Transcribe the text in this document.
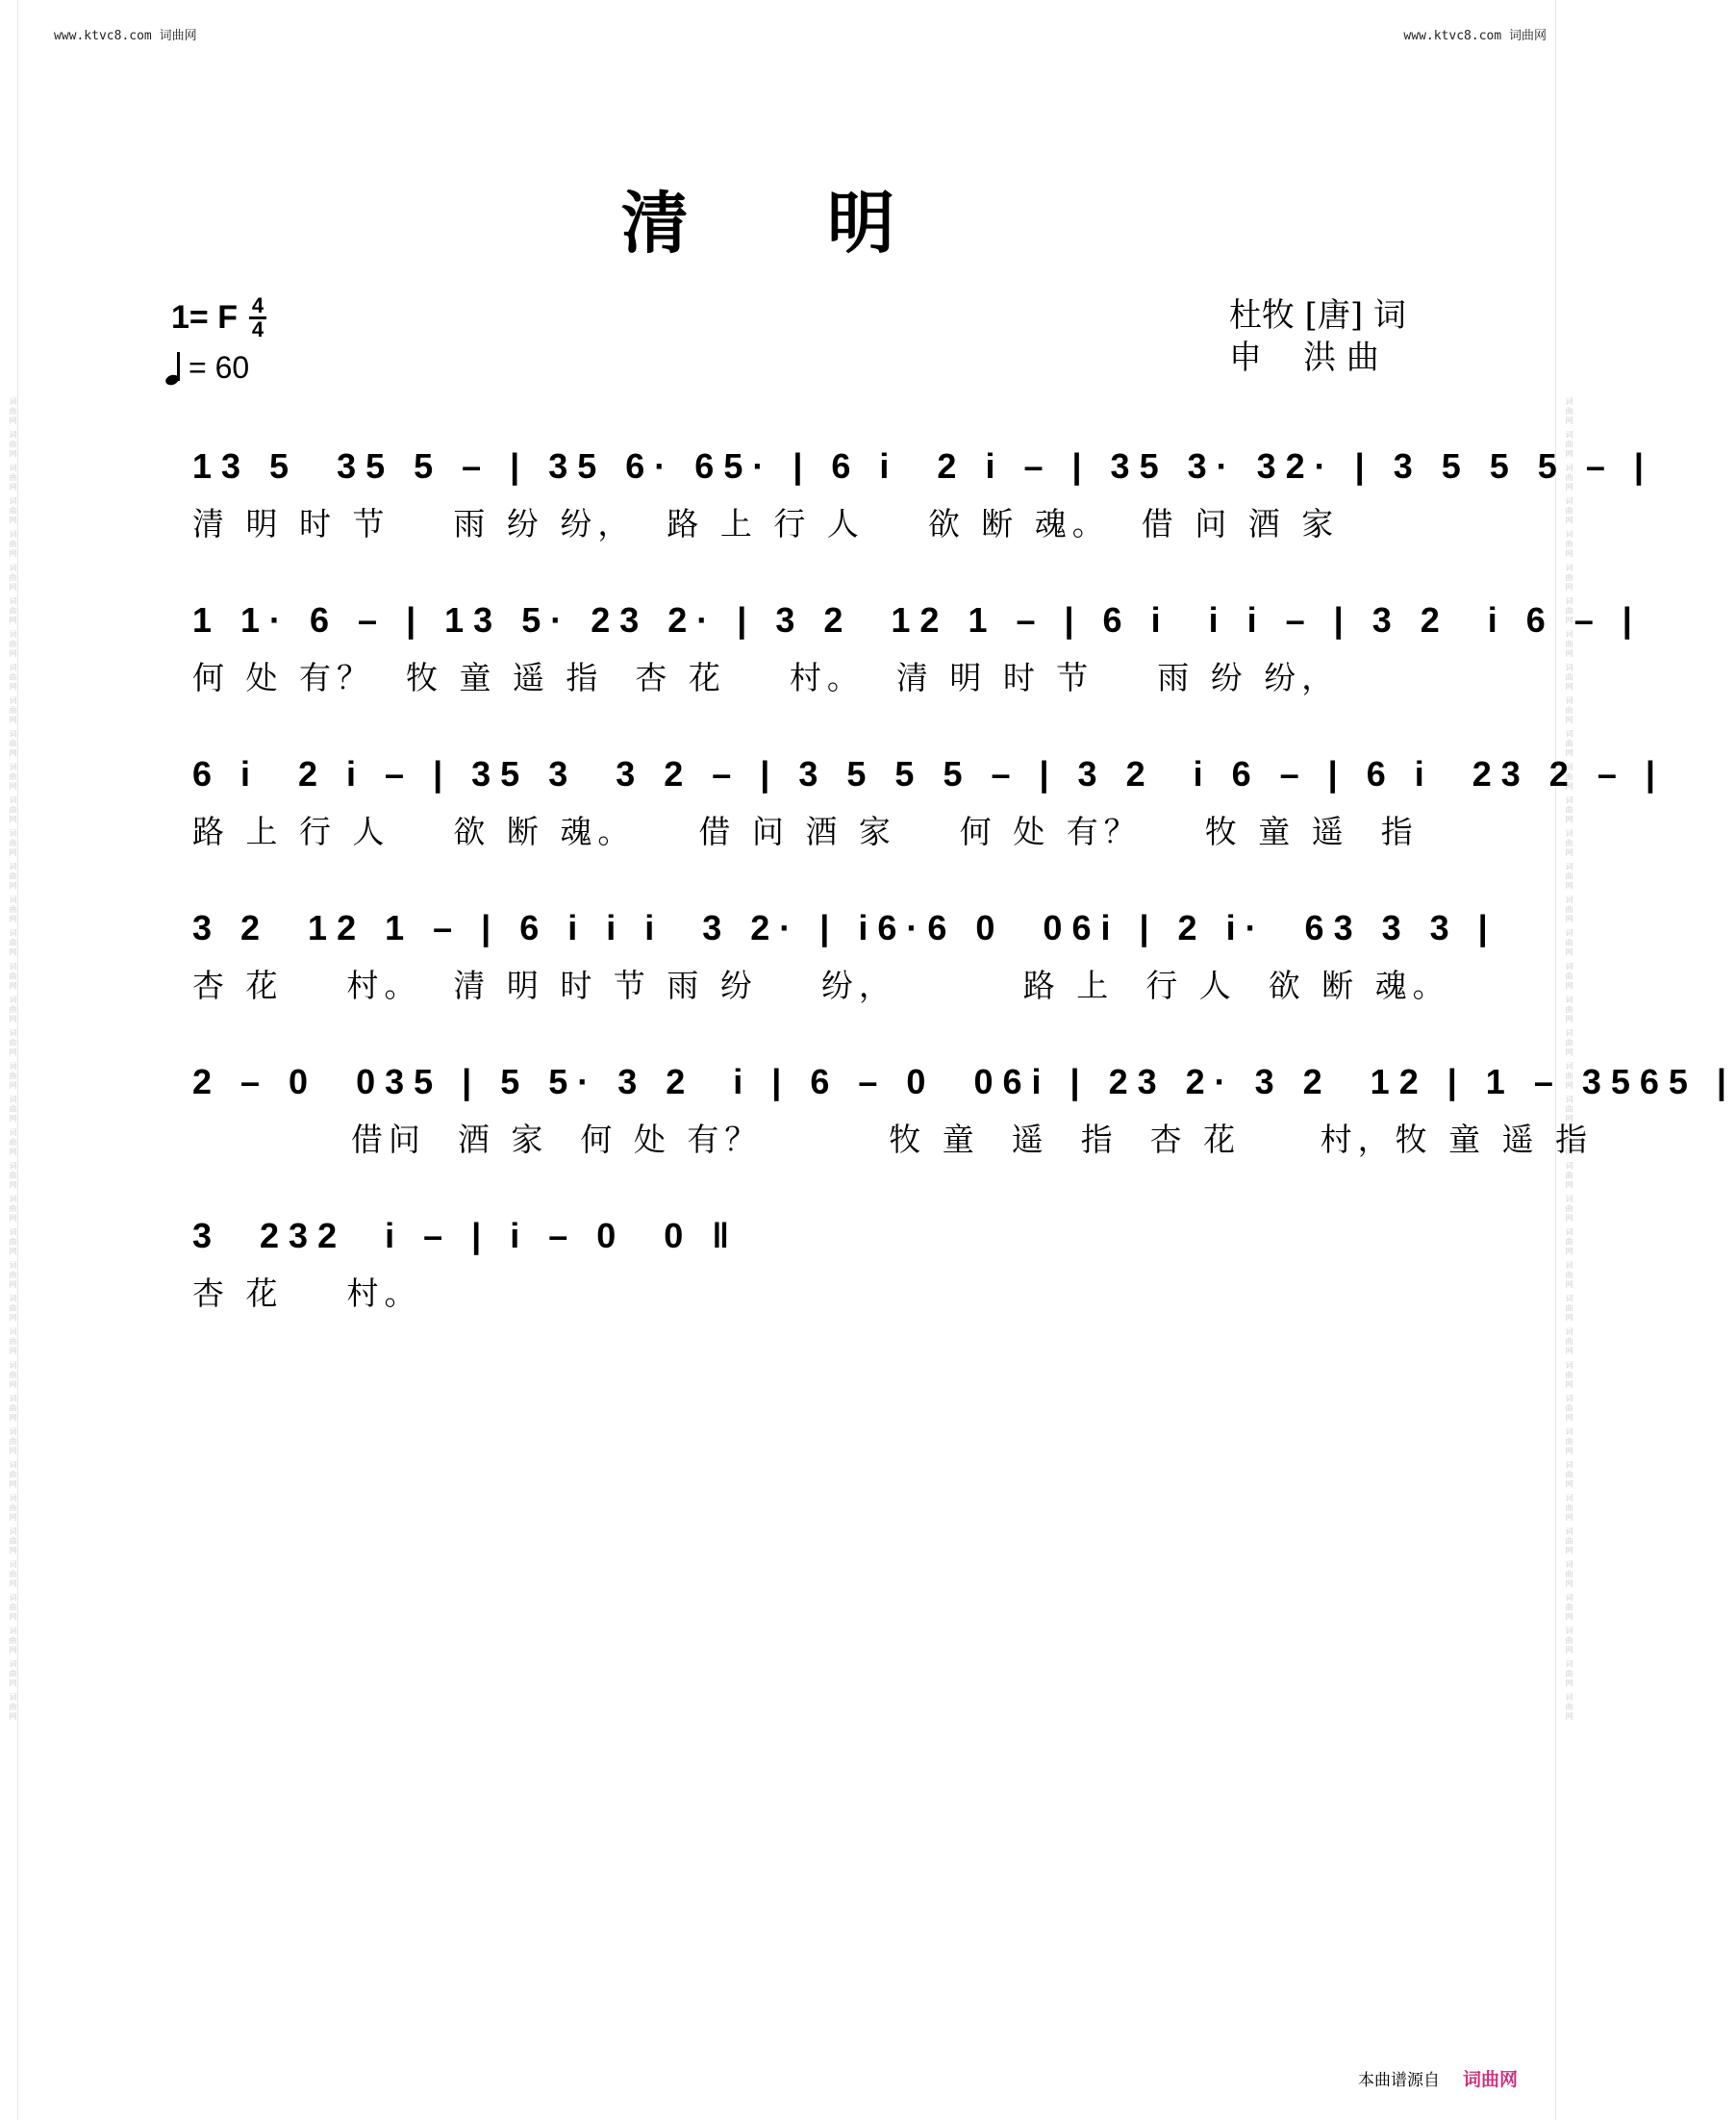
词曲网 词曲网 词曲网 词曲网 词曲网 词曲网 词曲网 词曲网 词曲网 词曲网 词曲网 词曲网 词曲网 词曲网 词曲网 词曲网 词曲网 词曲网 词曲网 词曲网 词曲网 词曲网 词曲网 词曲网 词曲网 词曲网 词曲网 词曲网 词曲网 词曲网 词曲网 词曲网 词曲网 词曲网 词曲网 词曲网 词曲网 词曲网 词曲网 词曲网	词曲网 词曲网 词曲网 词曲网 词曲网 词曲网 词曲网 词曲网 词曲网 词曲网 词曲网 词曲网 词曲网 词曲网 词曲网 词曲网 词曲网 词曲网 词曲网 词曲网 词曲网 词曲网 词曲网 词曲网 词曲网 词曲网 词曲网 词曲网 词曲网 词曲网 词曲网 词曲网 词曲网 词曲网 词曲网 词曲网 词曲网 词曲网 词曲网 词曲网
www.ktvc8.com 词曲网	www.ktvc8.com 词曲网
清 明
1= F $\frac{4}{4}$
= 60
杜牧 [唐] 词
申    洪 曲
13 5  35 5 – | 35 6· 65· | 6 i  2 i – | 35 3· 32· | 3 5 5 5 – |
清 明 时 节    雨 纷 纷，  路 上 行 人    欲 断 魂。  借 问 酒 家
1 1· 6 – | 13 5· 23 2· | 3 2  12 1 – | 6 i  i i – | 3 2  i 6 – |
何 处 有？  牧 童 遥 指  杏 花    村。  清 明 时 节    雨 纷 纷，
6 i  2 i – | 35 3  3 2 – | 3 5 5 5 – | 3 2  i 6 – | 6 i  23 2 – |
路 上 行 人    欲 断 魂。    借 问 酒 家    何 处 有？    牧 童 遥  指
3 2  12 1 – | 6 i i i  3 2· | i6·6 0  06i | 2 i·  63 3 3 |
杏 花    村。  清 明 时 节 雨 纷    纷，        路 上  行 人  欲 断 魂。
2 – 0  035 | 5 5· 3 2  i | 6 – 0  06i | 23 2· 3 2  12 | 1 – 3565 |
借问  酒 家  何 处 有？        牧 童  遥  指  杏 花     村，牧 童 遥 指
3  232  i – | i – 0  0 ‖
杏 花    村。
本曲谱源自 词曲网
